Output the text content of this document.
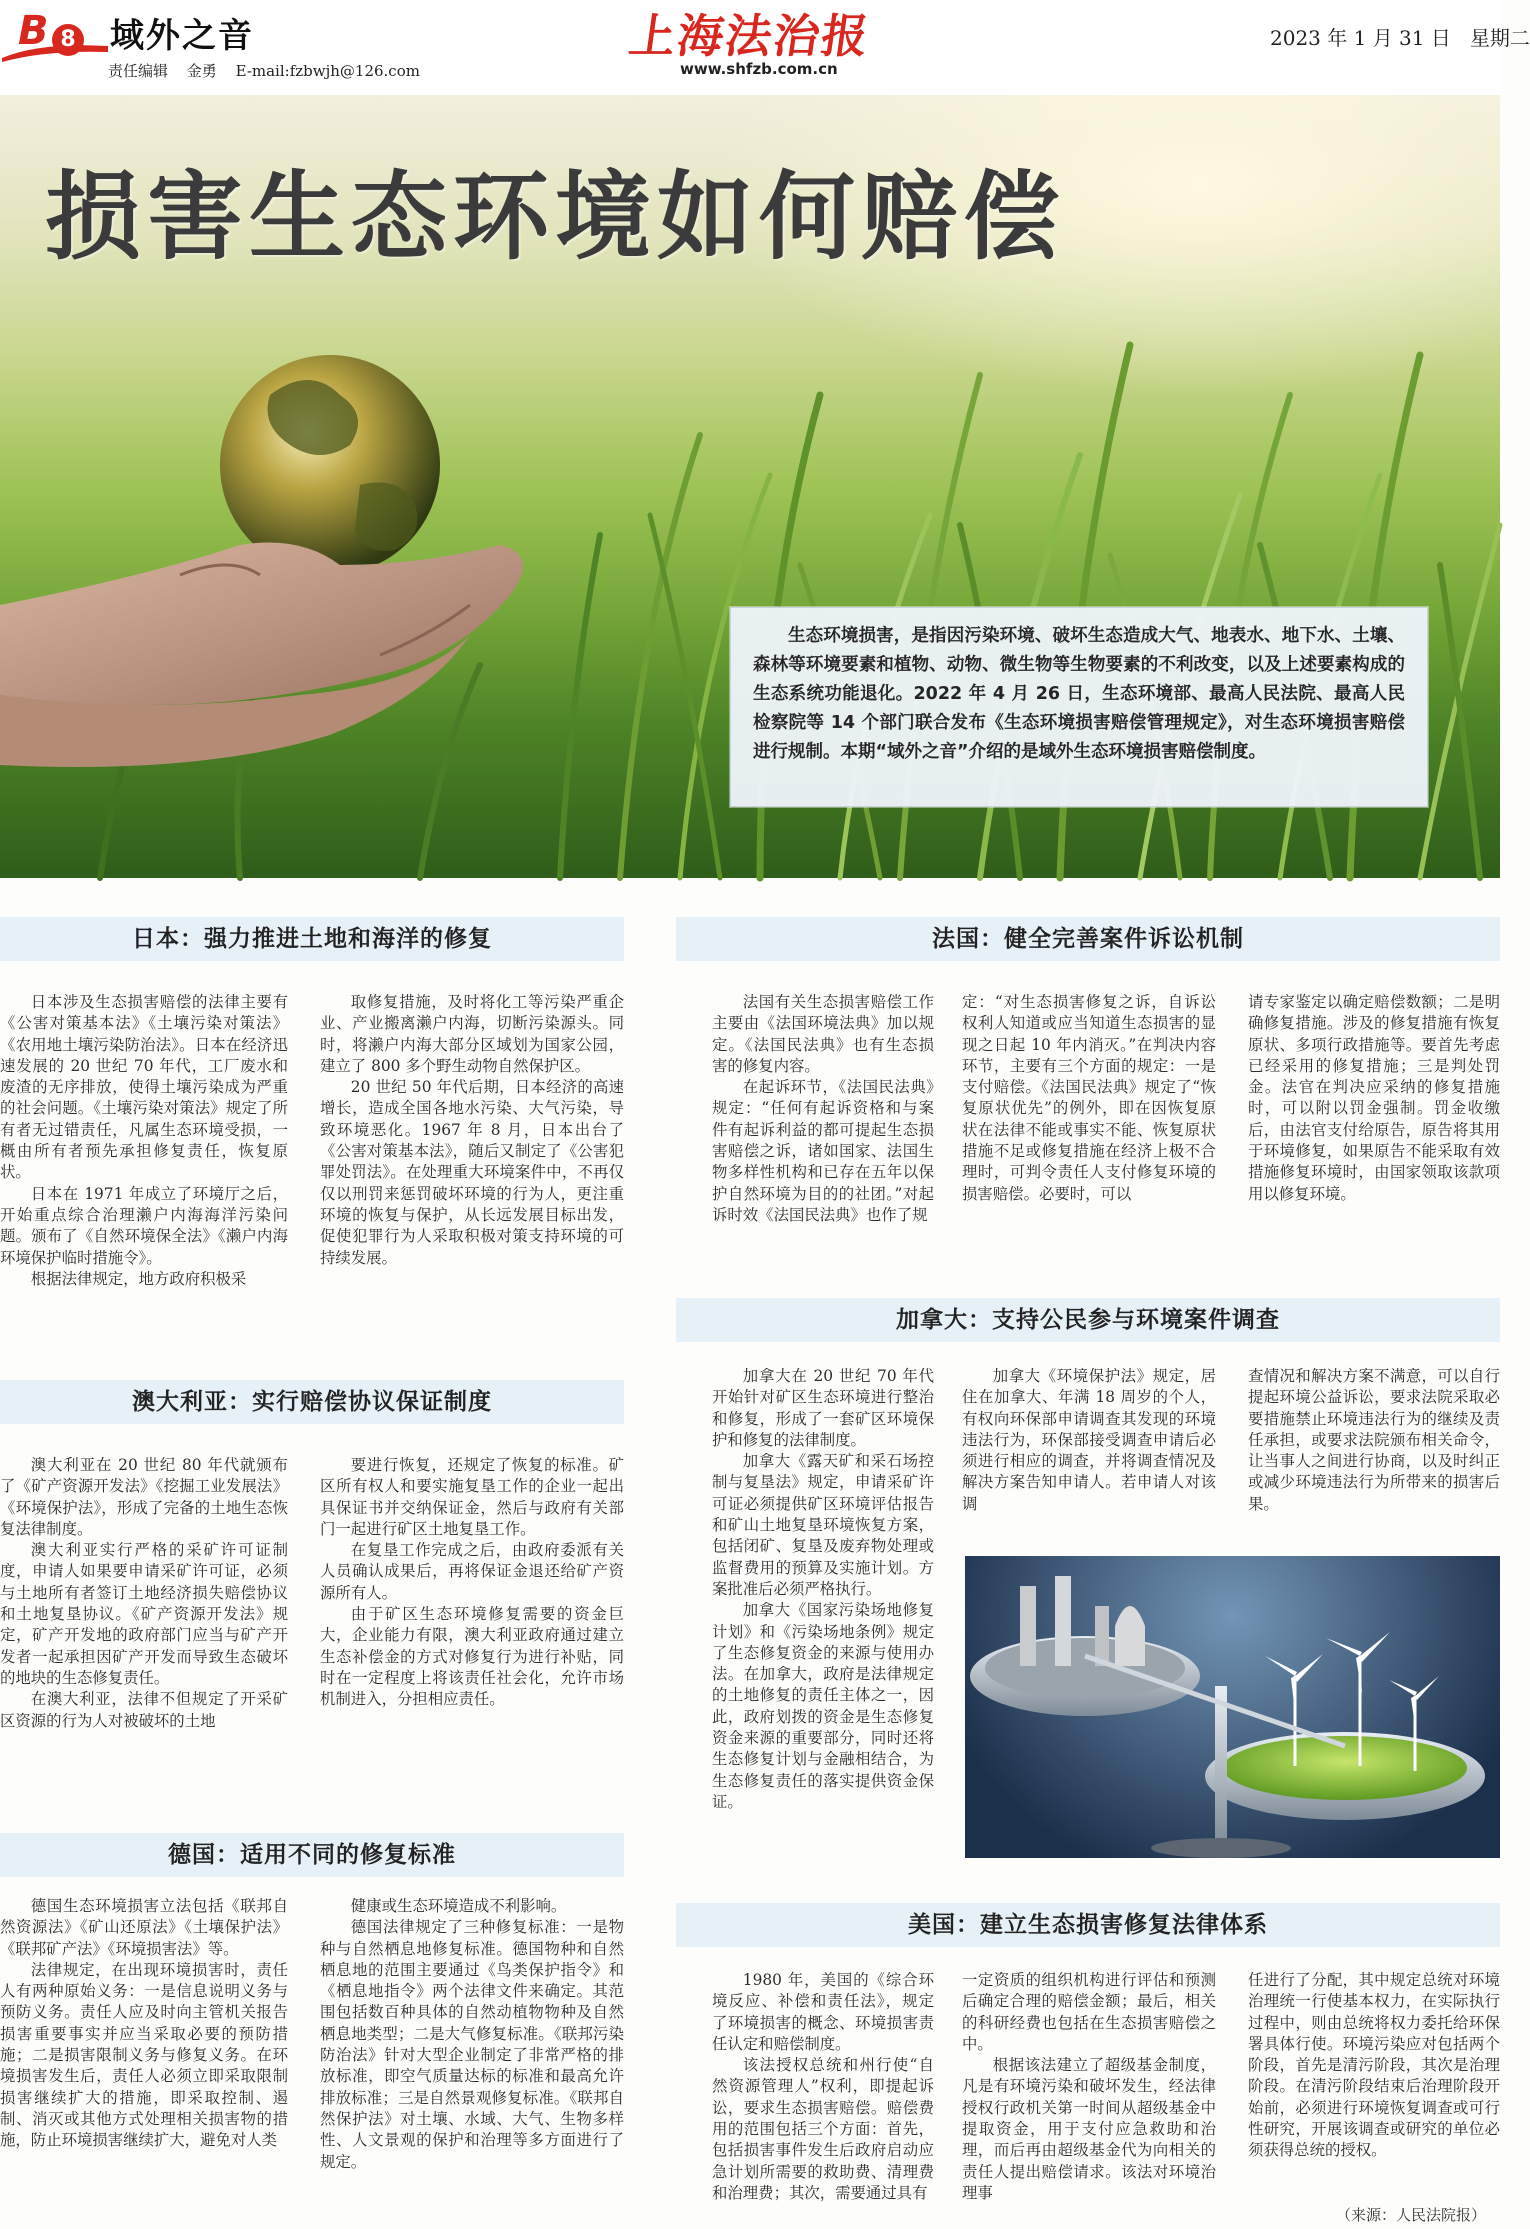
B 8 域外之音
责任编辑 金勇 E-mail:fzbwjh@126.com
上海法治报
www.shfzb.com.cn
2023 年 1 月 31 日 星期二
损害生态环境如何赔偿

生态环境损害，是指因污染环境、破坏生态造成大气、地表水、地下水、土壤、森林等环境要素和植物、动物、微生物等生物要素的不利改变，以及上述要素构成的生态系统功能退化。2022 年 4 月 26 日，生态环境部、最高人民法院、最高人民检察院等 14 个部门联合发布《生态环境损害赔偿管理规定》，对生态环境损害赔偿进行规制。本期“域外之音”介绍的是域外生态环境损害赔偿制度。

日本：强力推进土地和海洋的修复

日本涉及生态损害赔偿的法律主要有《公害对策基本法》《土壤污染对策法》《农用地土壤污染防治法》。日本在经济迅速发展的 20 世纪 70 年代，工厂废水和废渣的无序排放，使得土壤污染成为严重的社会问题。《土壤污染对策法》规定了所有者无过错责任，凡属生态环境受损，一概由所有者预先承担修复责任，恢复原状。

日本在 1971 年成立了环境厅之后，开始重点综合治理濑户内海海洋污染问题。颁布了《自然环境保全法》《濑户内海环境保护临时措施令》。

根据法律规定，地方政府积极采

取修复措施，及时将化工等污染严重企业、产业搬离濑户内海，切断污染源头。同时，将濑户内海大部分区域划为国家公园，建立了 800 多个野生动物自然保护区。

20 世纪 50 年代后期，日本经济的高速增长，造成全国各地水污染、大气污染，导致环境恶化。1967 年 8 月，日本出台了《公害对策基本法》，随后又制定了《公害犯罪处罚法》。在处理重大环境案件中，不再仅仅以刑罚来惩罚破坏环境的行为人，更注重环境的恢复与保护，从长远发展目标出发，促使犯罪行为人采取积极对策支持环境的可持续发展。

澳大利亚：实行赔偿协议保证制度

澳大利亚在 20 世纪 80 年代就颁布了《矿产资源开发法》《挖掘工业发展法》《环境保护法》，形成了完备的土地生态恢复法律制度。

澳大利亚实行严格的采矿许可证制度，申请人如果要申请采矿许可证，必须与土地所有者签订土地经济损失赔偿协议和土地复垦协议。《矿产资源开发法》规定，矿产开发地的政府部门应当与矿产开发者一起承担因矿产开发而导致生态破坏的地块的生态修复责任。

在澳大利亚，法律不但规定了开采矿区资源的行为人对被破坏的土地

要进行恢复，还规定了恢复的标准。矿区所有权人和要实施复垦工作的企业一起出具保证书并交纳保证金，然后与政府有关部门一起进行矿区土地复垦工作。

在复垦工作完成之后，由政府委派有关人员确认成果后，再将保证金退还给矿产资源所有人。

由于矿区生态环境修复需要的资金巨大，企业能力有限，澳大利亚政府通过建立生态补偿金的方式对修复行为进行补贴，同时在一定程度上将该责任社会化，允许市场机制进入，分担相应责任。

德国：适用不同的修复标准

德国生态环境损害立法包括《联邦自然资源法》《矿山还原法》《土壤保护法》《联邦矿产法》《环境损害法》等。

法律规定，在出现环境损害时，责任人有两种原始义务：一是信息说明义务与预防义务。责任人应及时向主管机关报告损害重要事实并应当采取必要的预防措施；二是损害限制义务与修复义务。在环境损害发生后，责任人必须立即采取限制损害继续扩大的措施，即采取控制、遏制、消灭或其他方式处理相关损害物的措施，防止环境损害继续扩大，避免对人类

健康或生态环境造成不利影响。

德国法律规定了三种修复标准：一是物种与自然栖息地修复标准。德国物种和自然栖息地的范围主要通过《鸟类保护指令》和《栖息地指令》两个法律文件来确定。其范围包括数百种具体的自然动植物物种及自然栖息地类型；二是大气修复标准。《联邦污染防治法》针对大型企业制定了非常严格的排放标准，即空气质量达标的标准和最高允许排放标准；三是自然景观修复标准。《联邦自然保护法》对土壤、水域、大气、生物多样性、人文景观的保护和治理等多方面进行了规定。

法国：健全完善案件诉讼机制

法国有关生态损害赔偿工作主要由《法国环境法典》加以规定。《法国民法典》也有生态损害的修复内容。

在起诉环节，《法国民法典》规定：“任何有起诉资格和与案件有起诉利益的都可提起生态损害赔偿之诉，诸如国家、法国生物多样性机构和已存在五年以保护自然环境为目的的社团。”对起诉时效《法国民法典》也作了规

定：“对生态损害修复之诉，自诉讼权利人知道或应当知道生态损害的显现之日起 10 年内消灭。”在判决内容环节，主要有三个方面的规定：一是支付赔偿。《法国民法典》规定了“恢复原状优先”的例外，即在因恢复原状在法律不能或事实不能、恢复原状措施不足或修复措施在经济上极不合理时，可判令责任人支付修复环境的损害赔偿。必要时，可以

请专家鉴定以确定赔偿数额；二是明确修复措施。涉及的修复措施有恢复原状、多项行政措施等。要首先考虑已经采用的修复措施；三是判处罚金。法官在判决应采纳的修复措施时，可以附以罚金强制。罚金收缴后，由法官支付给原告，原告将其用于环境修复，如果原告不能采取有效措施修复环境时，由国家领取该款项用以修复环境。

加拿大：支持公民参与环境案件调查

加拿大在 20 世纪 70 年代开始针对矿区生态环境进行整治和修复，形成了一套矿区环境保护和修复的法律制度。

加拿大《露天矿和采石场控制与复垦法》规定，申请采矿许可证必须提供矿区环境评估报告和矿山土地复垦环境恢复方案，包括闭矿、复垦及废弃物处理或监督费用的预算及实施计划。方案批准后必须严格执行。

加拿大《国家污染场地修复计划》和《污染场地条例》规定了生态修复资金的来源与使用办法。在加拿大，政府是法律规定的土地修复的责任主体之一，因此，政府划拨的资金是生态修复资金来源的重要部分，同时还将生态修复计划与金融相结合，为生态修复责任的落实提供资金保证。

加拿大《环境保护法》规定，居住在加拿大、年满 18 周岁的个人，有权向环保部申请调查其发现的环境违法行为，环保部接受调查申请后必须进行相应的调查，并将调查情况及解决方案告知申请人。若申请人对该调

查情况和解决方案不满意，可以自行提起环境公益诉讼，要求法院采取必要措施禁止环境违法行为的继续及责任承担，或要求法院颁布相关命令，让当事人之间进行协商，以及时纠正或减少环境违法行为所带来的损害后果。

美国：建立生态损害修复法律体系

1980 年，美国的《综合环境反应、补偿和责任法》，规定了环境损害的概念、环境损害责任认定和赔偿制度。

该法授权总统和州行使“自然资源管理人”权利，即提起诉讼，要求生态损害赔偿。赔偿费用的范围包括三个方面：首先，包括损害事件发生后政府启动应急计划所需要的救助费、清理费和治理费；其次，需要通过具有

一定资质的组织机构进行评估和预测后确定合理的赔偿金额；最后，相关的科研经费也包括在生态损害赔偿之中。

根据该法建立了超级基金制度，凡是有环境污染和破坏发生，经法律授权行政机关第一时间从超级基金中提取资金，用于支付应急救助和治理，而后再由超级基金代为向相关的责任人提出赔偿请求。该法对环境治理事

任进行了分配，其中规定总统对环境治理统一行使基本权力，在实际执行过程中，则由总统将权力委托给环保署具体行使。环境污染应对包括两个阶段，首先是清污阶段，其次是治理阶段。在清污阶段结束后治理阶段开始前，必须进行环境恢复调查或可行性研究，开展该调查或研究的单位必须获得总统的授权。

（来源：人民法院报）
